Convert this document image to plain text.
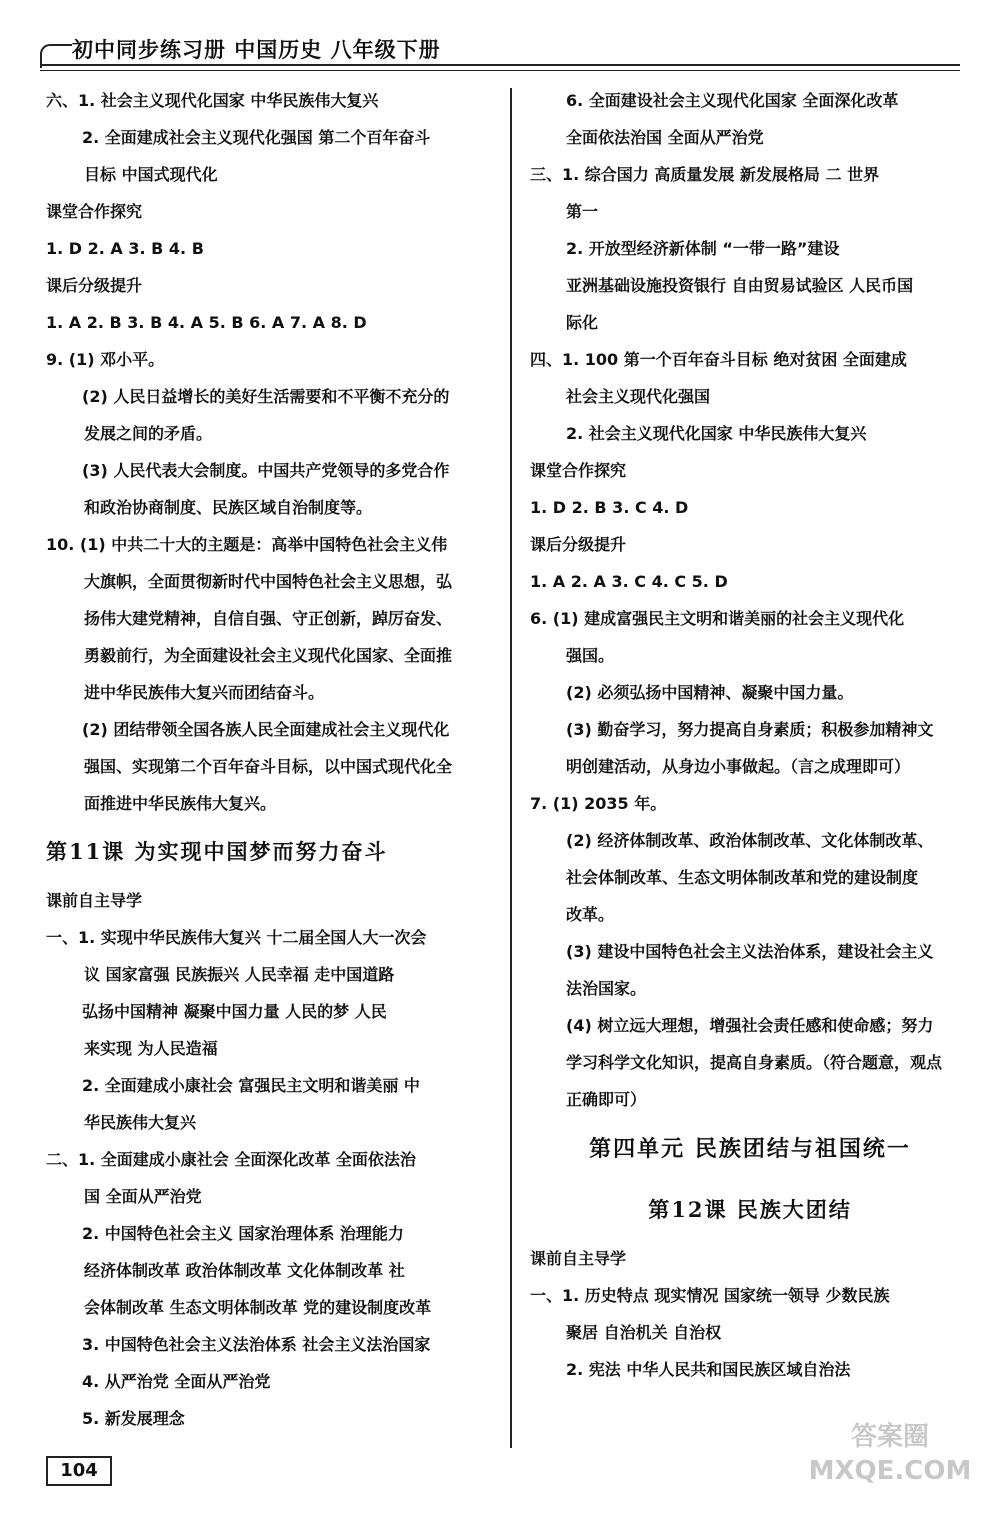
初中同步练习册 中国历史 八年级下册
六、1. 社会主义现代化国家 中华民族伟大复兴
2. 全面建成社会主义现代化强国 第二个百年奋斗
目标 中国式现代化
课堂合作探究
1. D 2. A 3. B 4. B
课后分级提升
1. A 2. B 3. B 4. A 5. B 6. A 7. A 8. D
9. (1) 邓小平。
(2) 人民日益增长的美好生活需要和不平衡不充分的
发展之间的矛盾。
(3) 人民代表大会制度。中国共产党领导的多党合作
和政治协商制度、民族区域自治制度等。
10. (1) 中共二十大的主题是：高举中国特色社会主义伟
大旗帜，全面贯彻新时代中国特色社会主义思想，弘
扬伟大建党精神，自信自强、守正创新，踔厉奋发、
勇毅前行，为全面建设社会主义现代化国家、全面推
进中华民族伟大复兴而团结奋斗。
(2) 团结带领全国各族人民全面建成社会主义现代化
强国、实现第二个百年奋斗目标，以中国式现代化全
面推进中华民族伟大复兴。
第11课 为实现中国梦而努力奋斗
课前自主导学
一、1. 实现中华民族伟大复兴 十二届全国人大一次会
议 国家富强 民族振兴 人民幸福 走中国道路
弘扬中国精神 凝聚中国力量 人民的梦 人民
来实现 为人民造福
2. 全面建成小康社会 富强民主文明和谐美丽 中
华民族伟大复兴
二、1. 全面建成小康社会 全面深化改革 全面依法治
国 全面从严治党
2. 中国特色社会主义 国家治理体系 治理能力
经济体制改革 政治体制改革 文化体制改革 社
会体制改革 生态文明体制改革 党的建设制度改革
3. 中国特色社会主义法治体系 社会主义法治国家
4. 从严治党 全面从严治党
5. 新发展理念
6. 全面建设社会主义现代化国家 全面深化改革
全面依法治国 全面从严治党
三、1. 综合国力 高质量发展 新发展格局 二 世界
第一
2. 开放型经济新体制 “一带一路”建设
亚洲基础设施投资银行 自由贸易试验区 人民币国
际化
四、1. 100 第一个百年奋斗目标 绝对贫困 全面建成
社会主义现代化强国
2. 社会主义现代化国家 中华民族伟大复兴
课堂合作探究
1. D 2. B 3. C 4. D
课后分级提升
1. A 2. A 3. C 4. C 5. D
6. (1) 建成富强民主文明和谐美丽的社会主义现代化
强国。
(2) 必须弘扬中国精神、凝聚中国力量。
(3) 勤奋学习，努力提高自身素质；积极参加精神文
明创建活动，从身边小事做起。（言之成理即可）
7. (1) 2035 年。
(2) 经济体制改革、政治体制改革、文化体制改革、
社会体制改革、生态文明体制改革和党的建设制度
改革。
(3) 建设中国特色社会主义法治体系，建设社会主义
法治国家。
(4) 树立远大理想，增强社会责任感和使命感；努力
学习科学文化知识，提高自身素质。（符合题意，观点
正确即可）
第四单元 民族团结与祖国统一
第12课 民族大团结
课前自主导学
一、1. 历史特点 现实情况 国家统一领导 少数民族
聚居 自治机关 自治权
2. 宪法 中华人民共和国民族区域自治法
104
答案圈 MXQE.COM
